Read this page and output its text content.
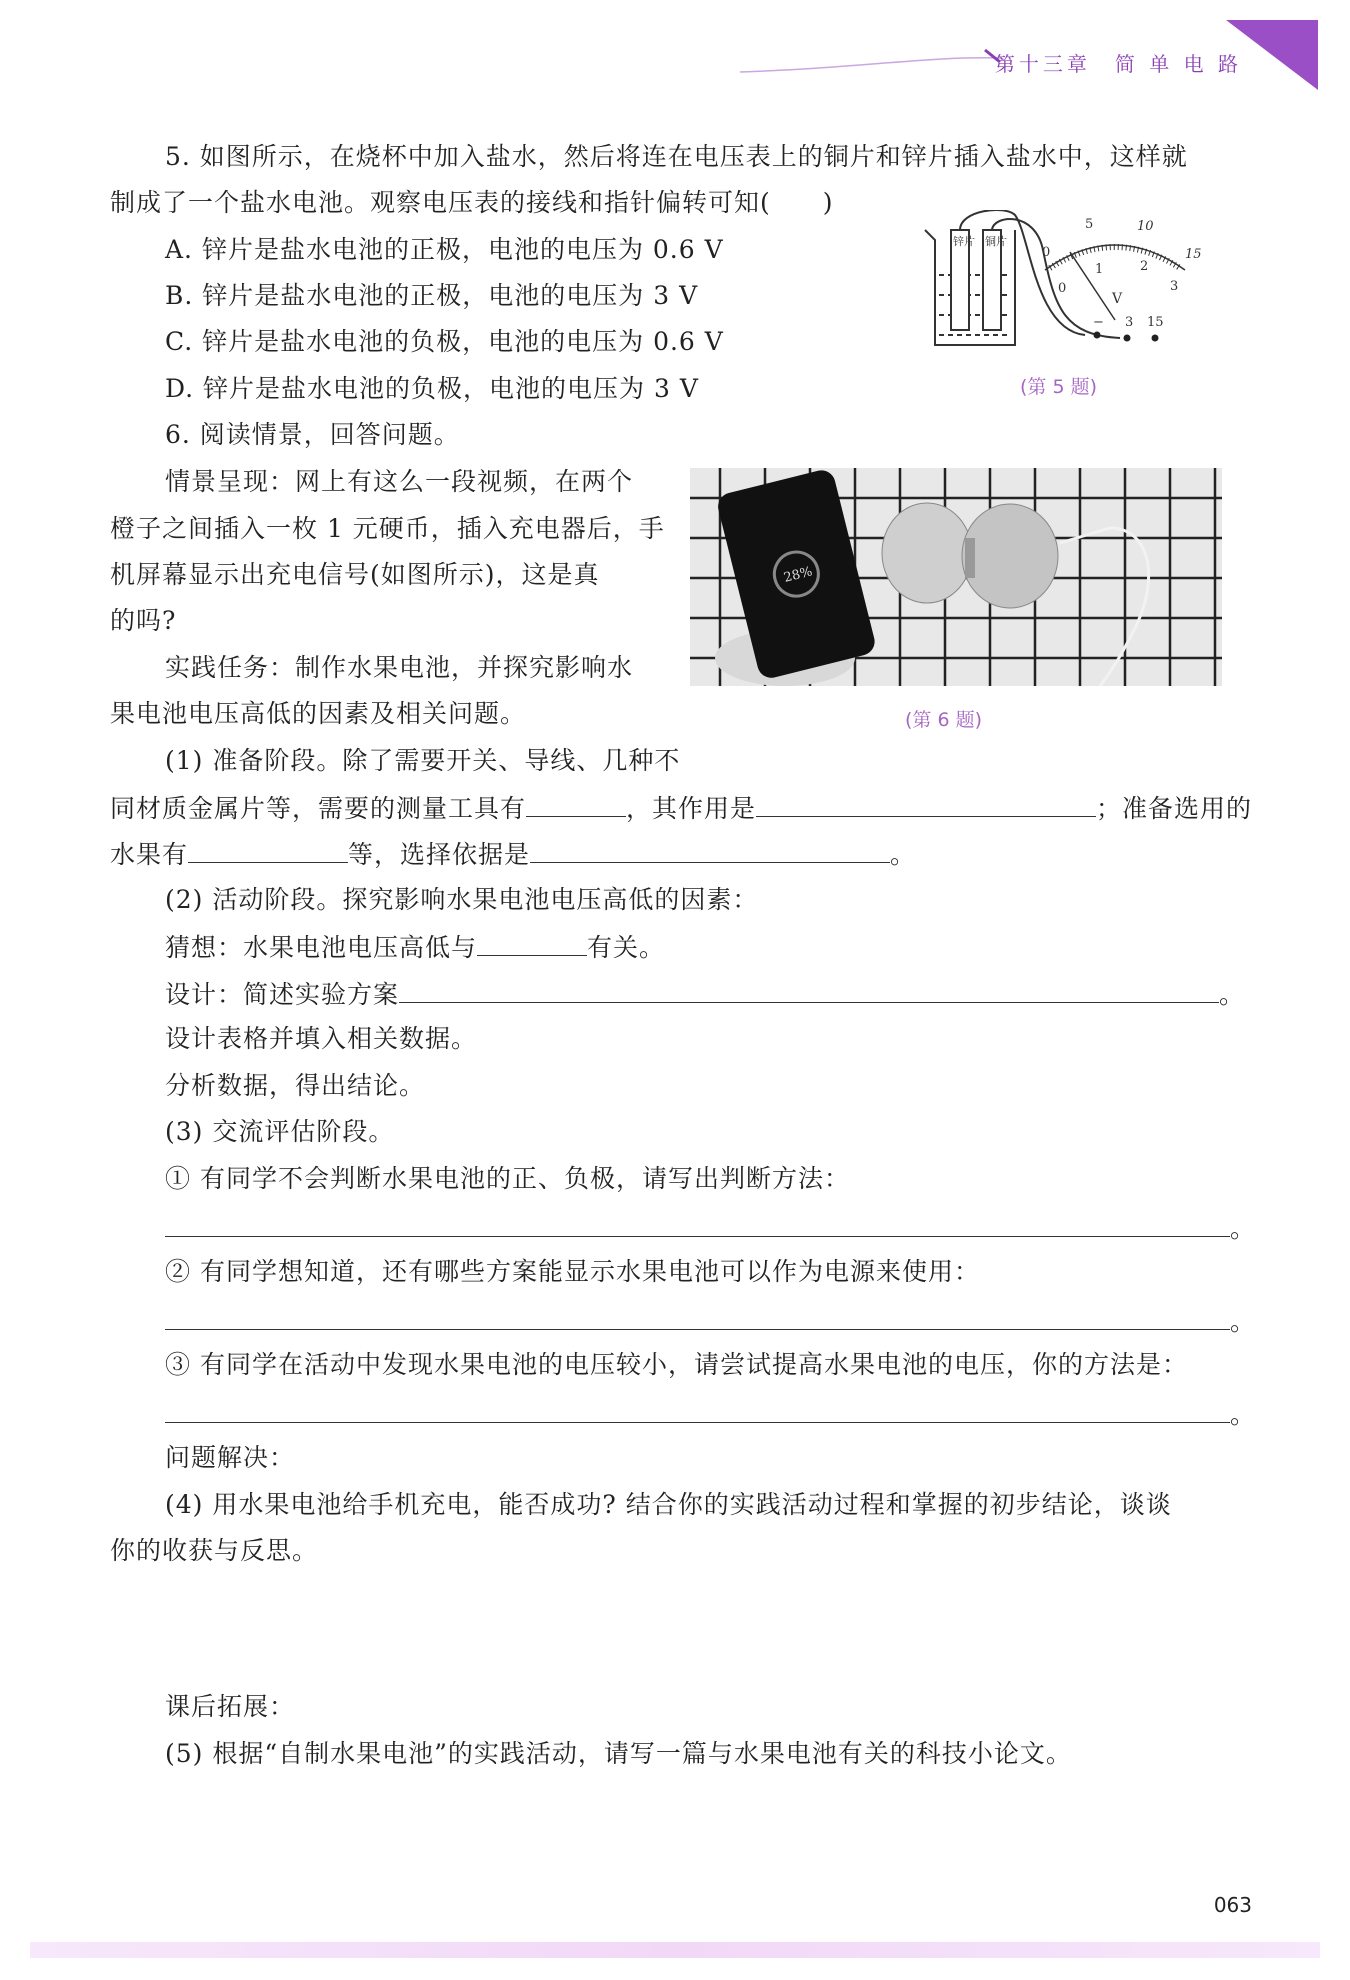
第十三章　简 单 电 路
5. 如图所示，在烧杯中加入盐水，然后将连在电压表上的铜片和锌片插入盐水中，这样就
制成了一个盐水电池。观察电压表的接线和指针偏转可知(　　)
A. 锌片是盐水电池的正极，电池的电压为 0.6 V
B. 锌片是盐水电池的正极，电池的电压为 3 V
C. 锌片是盐水电池的负极，电池的电压为 0.6 V
D. 锌片是盐水电池的负极，电池的电压为 3 V
锌片 铜片
0
5	10
15
0
1	2
3
V
− 3 15
(第 5 题)
6. 阅读情景，回答问题。
情景呈现：网上有这么一段视频，在两个
橙子之间插入一枚 1 元硬币，插入充电器后，手
机屏幕显示出充电信号(如图所示)，这是真
的吗?
实践任务：制作水果电池，并探究影响水
果电池电压高低的因素及相关问题。
28%
(第 6 题)
(1) 准备阶段。除了需要开关、导线、几种不
同材质金属片等，需要的测量工具有	，其作用是	；准备选用的
水果有	等，选择依据是	。
(2) 活动阶段。探究影响水果电池电压高低的因素：
猜想：水果电池电压高低与	有关。
设计：简述实验方案	。
设计表格并填入相关数据。
分析数据，得出结论。
(3) 交流评估阶段。
① 有同学不会判断水果电池的正、负极，请写出判断方法：
。
② 有同学想知道，还有哪些方案能显示水果电池可以作为电源来使用：
。
③ 有同学在活动中发现水果电池的电压较小，请尝试提高水果电池的电压，你的方法是：
。
问题解决：
(4) 用水果电池给手机充电，能否成功? 结合你的实践活动过程和掌握的初步结论，谈谈
你的收获与反思。
课后拓展：
(5) 根据“自制水果电池”的实践活动，请写一篇与水果电池有关的科技小论文。
063
